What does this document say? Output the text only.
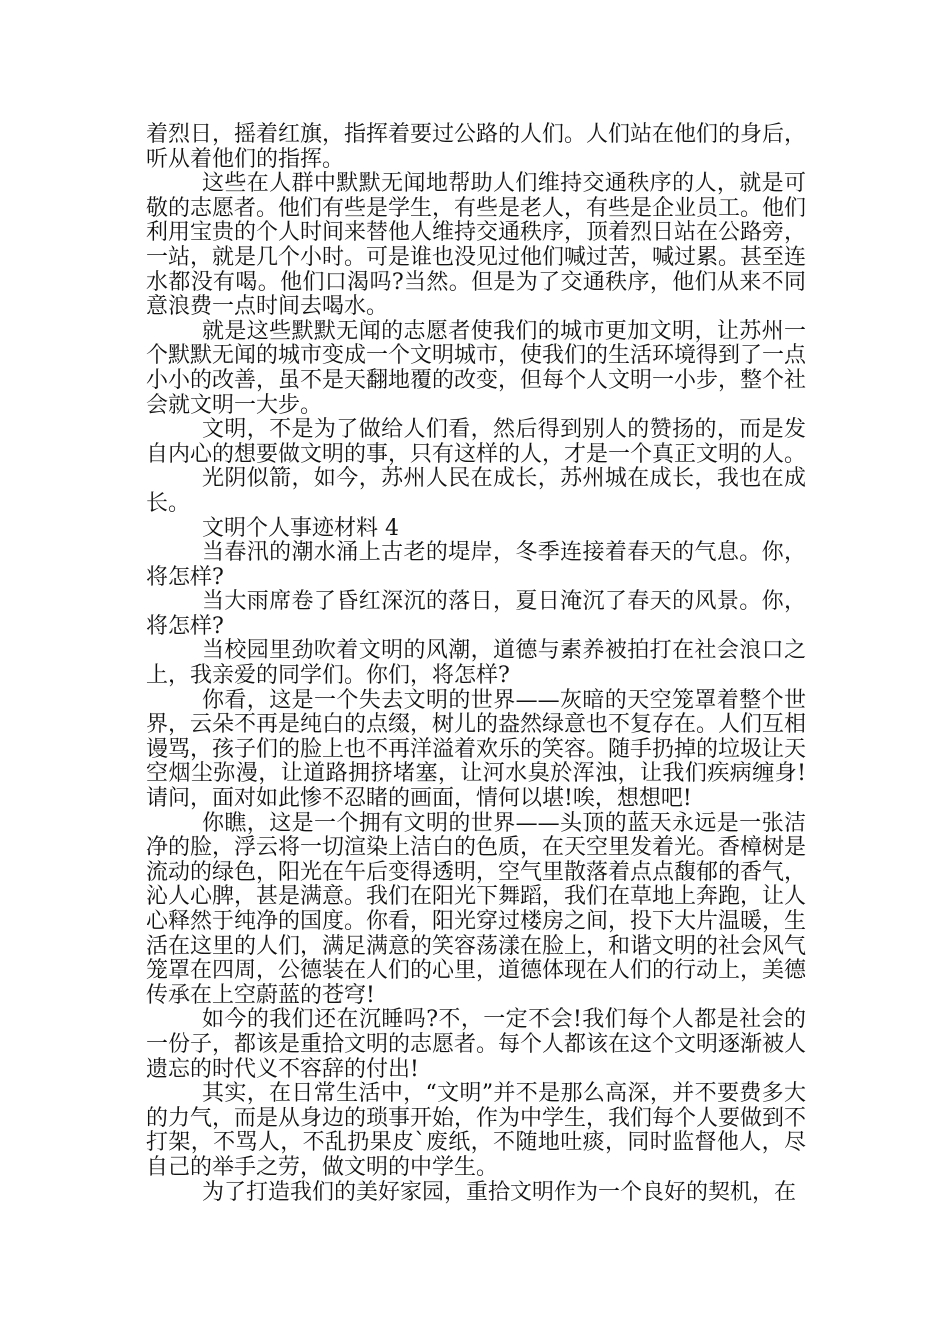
着烈日，摇着红旗，指挥着要过公路的人们。人们站在他们的身后，听从着他们的指挥。

这些在人群中默默无闻地帮助人们维持交通秩序的人，就是可敬的志愿者。他们有些是学生，有些是老人，有些是企业员工。他们利用宝贵的个人时间来替他人维持交通秩序，顶着烈日站在公路旁，一站，就是几个小时。可是谁也没见过他们喊过苦，喊过累。甚至连水都没有喝。他们口渴吗?当然。但是为了交通秩序，他们从来不同意浪费一点时间去喝水。

就是这些默默无闻的志愿者使我们的城市更加文明，让苏州一个默默无闻的城市变成一个文明城市，使我们的生活环境得到了一点小小的改善，虽不是天翻地覆的改变，但每个人文明一小步，整个社会就文明一大步。

文明，不是为了做给人们看，然后得到别人的赞扬的，而是发自内心的想要做文明的事，只有这样的人，才是一个真正文明的人。

光阴似箭，如今，苏州人民在成长，苏州城在成长，我也在成长。

文明个人事迹材料 4

当春汛的潮水涌上古老的堤岸，冬季连接着春天的气息。你，将怎样?

当大雨席卷了昏红深沉的落日，夏日淹沉了春天的风景。你，将怎样?

当校园里劲吹着文明的风潮，道德与素养被拍打在社会浪口之上，我亲爱的同学们。你们，将怎样?

你看，这是一个失去文明的世界——灰暗的天空笼罩着整个世界，云朵不再是纯白的点缀，树儿的盎然绿意也不复存在。人们互相谩骂，孩子们的脸上也不再洋溢着欢乐的笑容。随手扔掉的垃圾让天空烟尘弥漫，让道路拥挤堵塞，让河水臭於浑浊，让我们疾病缠身!请问，面对如此惨不忍睹的画面，情何以堪!唉，想想吧!

你瞧，这是一个拥有文明的世界——头顶的蓝天永远是一张洁净的脸，浮云将一切渲染上洁白的色质，在天空里发着光。香樟树是流动的绿色，阳光在午后变得透明，空气里散落着点点馥郁的香气，沁人心脾，甚是满意。我们在阳光下舞蹈，我们在草地上奔跑，让人心释然于纯净的国度。你看，阳光穿过楼房之间，投下大片温暖，生活在这里的人们，满足满意的笑容荡漾在脸上，和谐文明的社会风气笼罩在四周，公德装在人们的心里，道德体现在人们的行动上，美德传承在上空蔚蓝的苍穹!

如今的我们还在沉睡吗?不，一定不会!我们每个人都是社会的一份子，都该是重拾文明的志愿者。每个人都该在这个文明逐渐被人遗忘的时代义不容辞的付出!

其实，在日常生活中，“文明”并不是那么高深，并不要费多大的力气，而是从身边的琐事开始，作为中学生，我们每个人要做到不打架，不骂人，不乱扔果皮`废纸，不随地吐痰，同时监督他人，尽自己的举手之劳，做文明的中学生。

为了打造我们的美好家园，重拾文明作为一个良好的契机，在
